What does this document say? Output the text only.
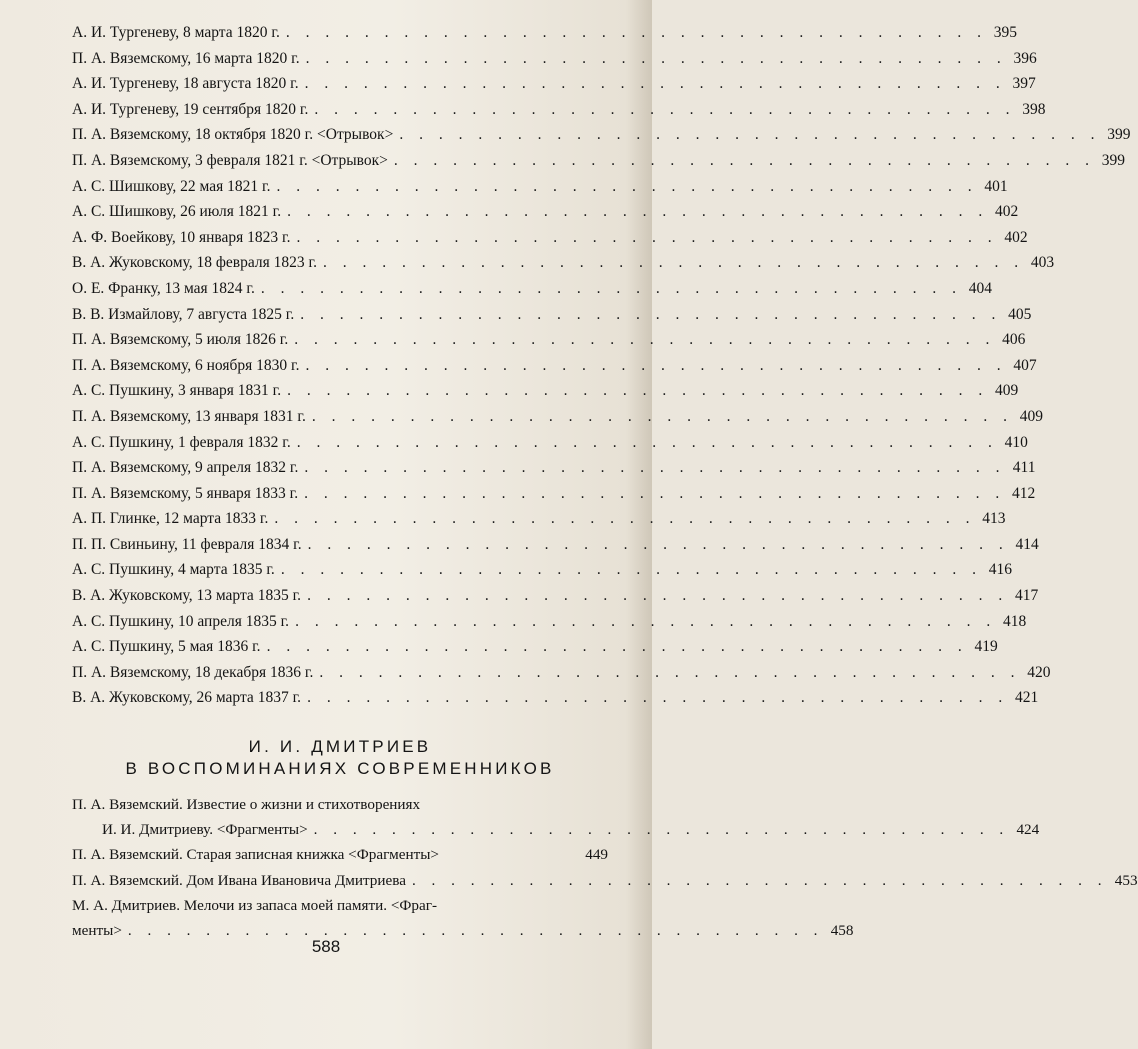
А. И. Тургеневу, 8 марта 1820 г. . . . . . . . . . . . . . . . . . . . . . . . . . . . . . . . . . . . . 395
П. А. Вяземскому, 16 марта 1820 г. . . . . . . . . . . . . . . . . . . . . . . . . . . . . . . . . . . . . 396
А. И. Тургеневу, 18 августа 1820 г. . . . . . . . . . . . . . . . . . . . . . . . . . . . . . . . . . . . . 397
А. И. Тургеневу, 19 сентября 1820 г. . . . . . . . . . . . . . . . . . . . . . . . . . . . . . . . . . . . . 398
П. А. Вяземскому, 18 октября 1820 г. <Отрывок> . . . . . . . . . . . . . . . . . . . . . . . . . . . . . . . . . . . . 399
П. А. Вяземскому, 3 февраля 1821 г. <Отрывок> . . . . . . . . . . . . . . . . . . . . . . . . . . . . . . . . . . . . 399
А. С. Шишкову, 22 мая 1821 г. . . . . . . . . . . . . . . . . . . . . . . . . . . . . . . . . . . . . 401
А. С. Шишкову, 26 июля 1821 г. . . . . . . . . . . . . . . . . . . . . . . . . . . . . . . . . . . . . 402
А. Ф. Воейкову, 10 января 1823 г. . . . . . . . . . . . . . . . . . . . . . . . . . . . . . . . . . . . . 402
В. А. Жуковскому, 18 февраля 1823 г. . . . . . . . . . . . . . . . . . . . . . . . . . . . . . . . . . . . . 403
О. Е. Франку, 13 мая 1824 г. . . . . . . . . . . . . . . . . . . . . . . . . . . . . . . . . . . . . 404
В. В. Измайлову, 7 августа 1825 г. . . . . . . . . . . . . . . . . . . . . . . . . . . . . . . . . . . . . 405
П. А. Вяземскому, 5 июля 1826 г. . . . . . . . . . . . . . . . . . . . . . . . . . . . . . . . . . . . . 406
П. А. Вяземскому, 6 ноября 1830 г. . . . . . . . . . . . . . . . . . . . . . . . . . . . . . . . . . . . . 407
А. С. Пушкину, 3 января 1831 г. . . . . . . . . . . . . . . . . . . . . . . . . . . . . . . . . . . . . 409
П. А. Вяземскому, 13 января 1831 г. . . . . . . . . . . . . . . . . . . . . . . . . . . . . . . . . . . . . 409
А. С. Пушкину, 1 февраля 1832 г. . . . . . . . . . . . . . . . . . . . . . . . . . . . . . . . . . . . . 410
П. А. Вяземскому, 9 апреля 1832 г. . . . . . . . . . . . . . . . . . . . . . . . . . . . . . . . . . . . . 411
П. А. Вяземскому, 5 января 1833 г. . . . . . . . . . . . . . . . . . . . . . . . . . . . . . . . . . . . . 412
А. П. Глинке, 12 марта 1833 г. . . . . . . . . . . . . . . . . . . . . . . . . . . . . . . . . . . . . 413
П. П. Свиньину, 11 февраля 1834 г. . . . . . . . . . . . . . . . . . . . . . . . . . . . . . . . . . . . . 414
А. С. Пушкину, 4 марта 1835 г. . . . . . . . . . . . . . . . . . . . . . . . . . . . . . . . . . . . . 416
В. А. Жуковскому, 13 марта 1835 г. . . . . . . . . . . . . . . . . . . . . . . . . . . . . . . . . . . . . 417
А. С. Пушкину, 10 апреля 1835 г. . . . . . . . . . . . . . . . . . . . . . . . . . . . . . . . . . . . . 418
А. С. Пушкину, 5 мая 1836 г. . . . . . . . . . . . . . . . . . . . . . . . . . . . . . . . . . . . . 419
П. А. Вяземскому, 18 декабря 1836 г. . . . . . . . . . . . . . . . . . . . . . . . . . . . . . . . . . . . . 420
В. А. Жуковскому, 26 марта 1837 г. . . . . . . . . . . . . . . . . . . . . . . . . . . . . . . . . . . . . 421
И. И. ДМИТРИЕВ
В ВОСПОМИНАНИЯХ СОВРЕМЕННИКОВ
П. А. Вяземский. Известие о жизни и стихотворениях
И. И. Дмитриеву. <Фрагменты> . . . . . . . . . . . . . . . . . . . . . . . . . . . . . . . . . . . . 424
П. А. Вяземский. Старая записная книжка <Фрагменты>	449
П. А. Вяземский. Дом Ивана Ивановича Дмитриева . . . . . . . . . . . . . . . . . . . . . . . . . . . . . . . . . . . . 453
М. А. Дмитриев. Мелочи из запаса моей памяти. <Фраг-
менты> . . . . . . . . . . . . . . . . . . . . . . . . . . . . . . . . . . . . 458
588
